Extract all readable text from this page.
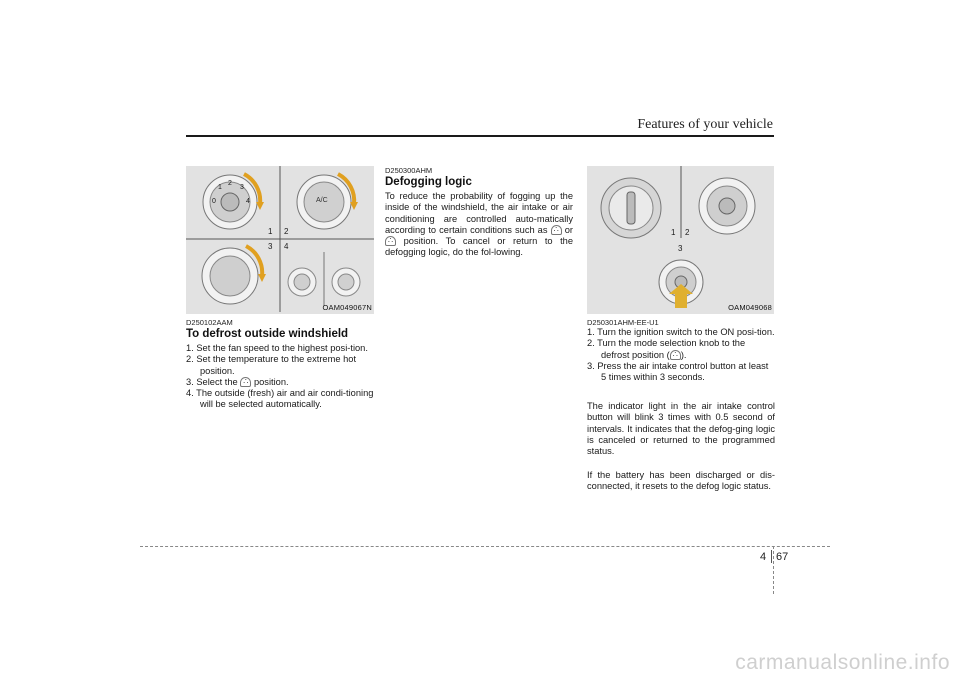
Features of your vehicle
0
1
2
3
4	A/C
1 2
3 4
OAM049067N
D250102AAM
To defrost outside windshield
1. Set the fan speed to the highest posi-tion.
2. Set the temperature to the extreme hot position.
3. Select the ∴ position.
4. The outside (fresh) air and air condi-tioning will be selected automatically.
D250300AHM
Defogging logic
To reduce the probability of fogging up the inside of the windshield, the air intake or air conditioning are controlled auto-matically according to certain conditions such as ∴ or ∴ position. To cancel or return to the defogging logic, do the fol-lowing.
1 2
3
OAM049068
D250301AHM-EE-U1
1. Turn the ignition switch to the ON posi-tion.
2. Turn the mode selection knob to the defrost position ( ∴ ).
3. Press the air intake control button at least 5 times within 3 seconds.
The indicator light in the air intake control button will blink 3 times with 0.5 second of intervals. It indicates that the defog-ging logic is canceled or returned to the programmed status.
If the battery has been discharged or dis-connected, it resets to the defog logic status.
4 67
carmanualsonline.info
